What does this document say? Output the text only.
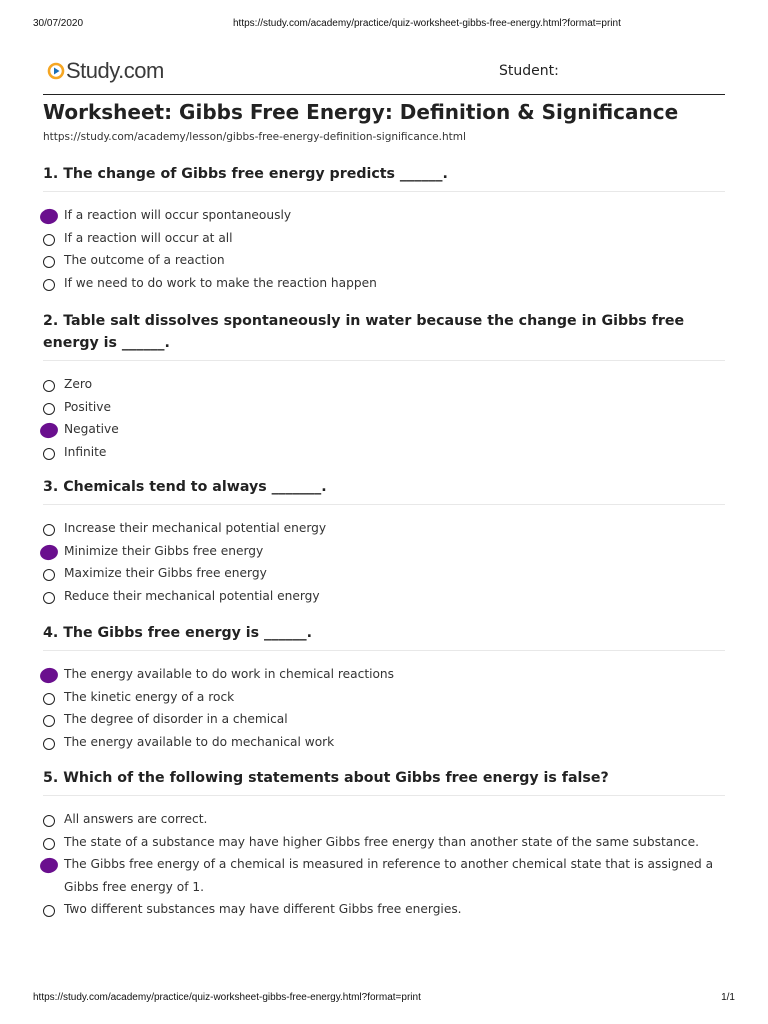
30/07/2020	https://study.com/academy/practice/quiz-worksheet-gibbs-free-energy.html?format=print
Study.com	Student:
Worksheet: Gibbs Free Energy: Definition & Significance
https://study.com/academy/lesson/gibbs-free-energy-definition-significance.html

1. The change of Gibbs free energy predicts ______.

If a reaction will occur spontaneously
If a reaction will occur at all
The outcome of a reaction
If we need to do work to make the reaction happen

2. Table salt dissolves spontaneously in water because the change in Gibbs free energy is ______.

Zero
Positive
Negative
Infinite

3. Chemicals tend to always _______.

Increase their mechanical potential energy
Minimize their Gibbs free energy
Maximize their Gibbs free energy
Reduce their mechanical potential energy

4. The Gibbs free energy is ______.

The energy available to do work in chemical reactions
The kinetic energy of a rock
The degree of disorder in a chemical
The energy available to do mechanical work

5. Which of the following statements about Gibbs free energy is false?

All answers are correct.
The state of a substance may have higher Gibbs free energy than another state of the same substance.
The Gibbs free energy of a chemical is measured in reference to another chemical state that is assigned a Gibbs free energy of 1.
Two different substances may have different Gibbs free energies.
https://study.com/academy/practice/quiz-worksheet-gibbs-free-energy.html?format=print	1/1
